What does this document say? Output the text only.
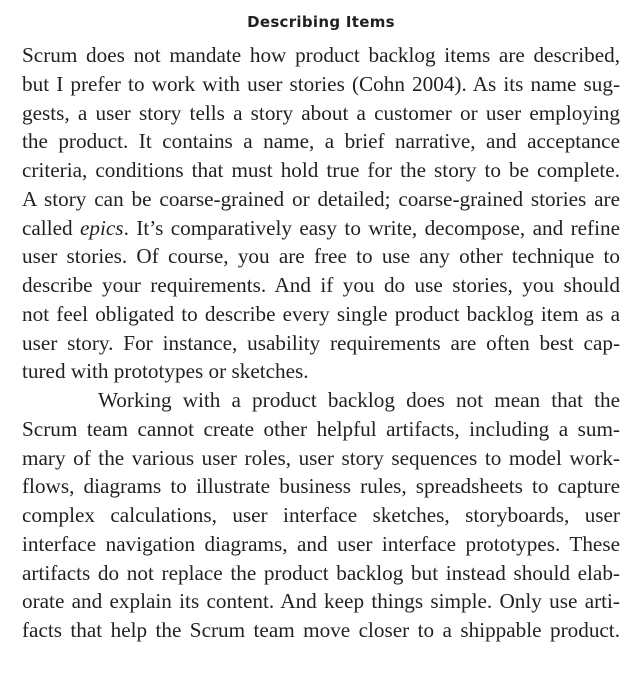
Describing Items
Scrum does not mandate how product backlog items are described,
but I prefer to work with user stories (Cohn 2004). As its name sug-
gests, a user story tells a story about a customer or user employing
the product. It contains a name, a brief narrative, and acceptance
criteria, conditions that must hold true for the story to be complete.
A story can be coarse-grained or detailed; coarse-grained stories are
called epics. It’s comparatively easy to write, decompose, and refine
user stories. Of course, you are free to use any other technique to
describe your requirements. And if you do use stories, you should
not feel obligated to describe every single product backlog item as a
user story. For instance, usability requirements are often best cap-
tured with prototypes or sketches.
Working with a product backlog does not mean that the
Scrum team cannot create other helpful artifacts, including a sum-
mary of the various user roles, user story sequences to model work-
flows, diagrams to illustrate business rules, spreadsheets to capture
complex calculations, user interface sketches, storyboards, user
interface navigation diagrams, and user interface prototypes. These
artifacts do not replace the product backlog but instead should elab-
orate and explain its content. And keep things simple. Only use arti-
facts that help the Scrum team move closer to a shippable product.
